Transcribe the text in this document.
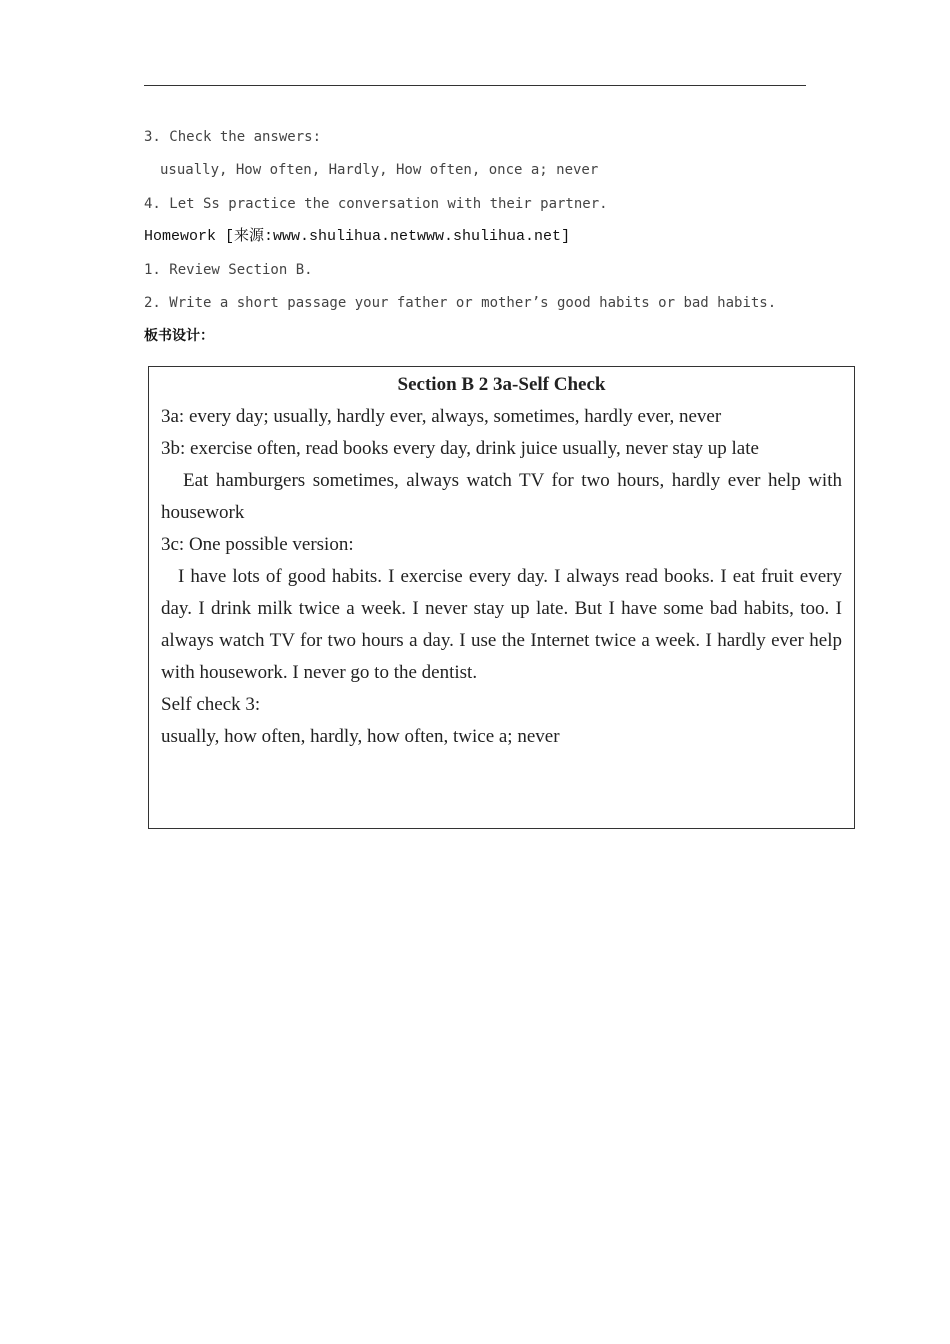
3. Check the answers:
usually, How often, Hardly, How often, once a; never
4. Let Ss practice the conversation with their partner.
Homework [来源:www.shulihua.netwww.shulihua.net]
1. Review Section B.
2. Write a short passage your father or mother’s good habits or bad habits.
板书设计：
Section B 2 3a-Self Check
3a: every day; usually, hardly ever, always, sometimes, hardly ever, never
3b: exercise often, read books every day, drink juice usually, never stay up late
Eat hamburgers sometimes, always watch TV for two hours, hardly ever help with housework
3c: One possible version:
I have lots of good habits. I exercise every day. I always read books. I eat fruit every day. I drink milk twice a week. I never stay up late. But I have some bad habits, too. I always watch TV for two hours a day. I use the Internet twice a week. I hardly ever help with housework. I never go to the dentist.
Self check 3:
usually, how often, hardly, how often, twice a; never
